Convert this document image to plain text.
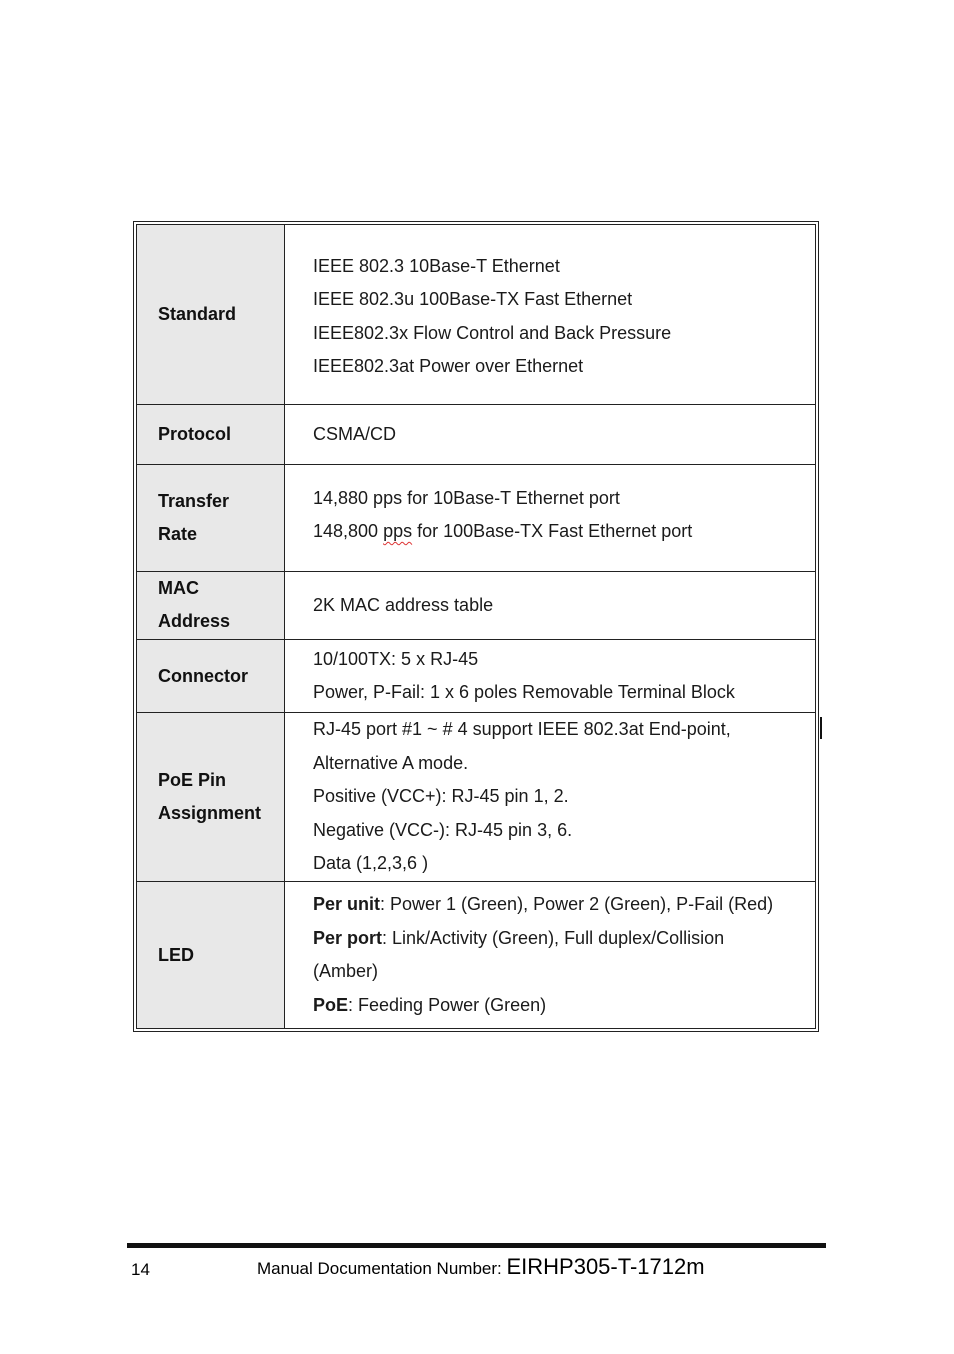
Standard
IEEE 802.3 10Base-T Ethernet
IEEE 802.3u 100Base-TX Fast Ethernet
IEEE802.3x Flow Control and Back Pressure
IEEE802.3at Power over Ethernet
Protocol	CSMA/CD
Transfer
Rate
14,880 pps for 10Base-T Ethernet port
148,800 pps for 100Base-TX Fast Ethernet port
MAC
Address
2K MAC address table
Connector
10/100TX: 5 x RJ-45
Power, P-Fail: 1 x 6 poles Removable Terminal Block
PoE Pin
Assignment
RJ-45 port #1 ~ # 4 support IEEE 802.3at End-point,
Alternative A mode.
Positive (VCC+): RJ-45 pin 1, 2.
Negative (VCC-): RJ-45 pin 3, 6.
Data (1,2,3,6 )
LED
Per unit: Power 1 (Green), Power 2 (Green), P-Fail (Red)
Per port: Link/Activity (Green), Full duplex/Collision
(Amber)
PoE: Feeding Power (Green)
14	Manual Documentation Number: EIRHP305-T-1712m
